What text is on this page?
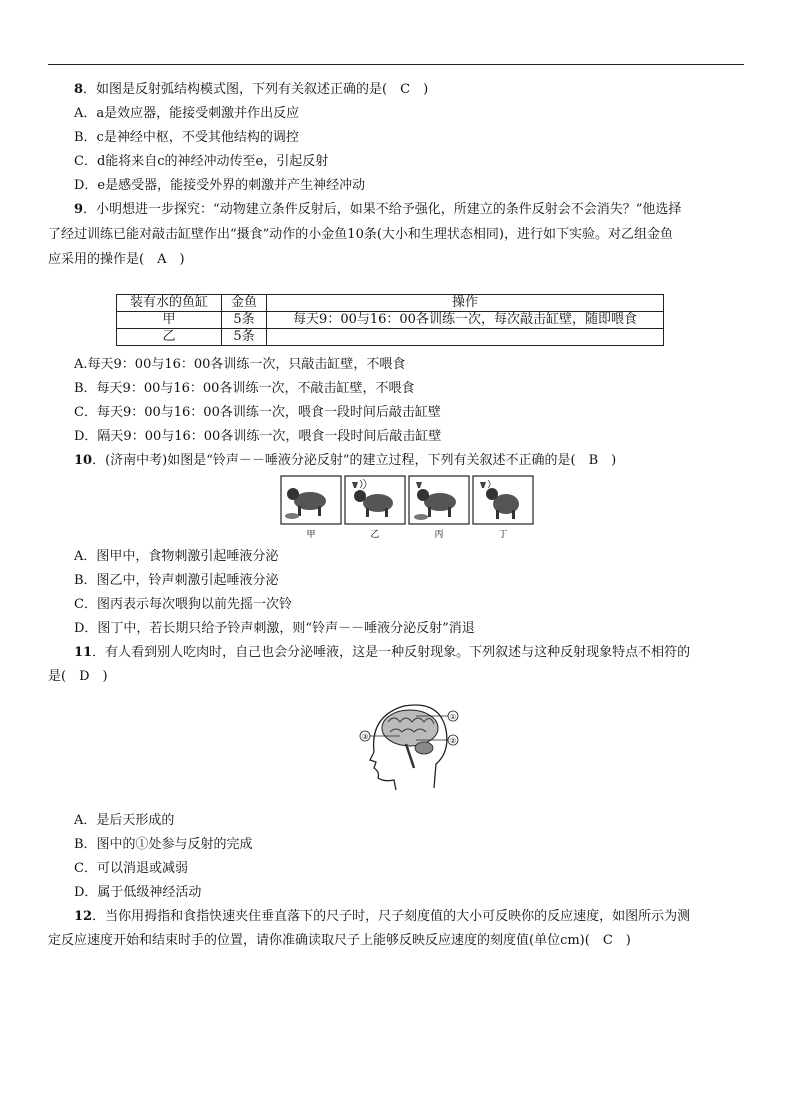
8．如图是反射弧结构模式图，下列有关叙述正确的是(　C　)
A．a是效应器，能接受刺激并作出反应
B．c是神经中枢，不受其他结构的调控
C．d能将来自c的神经冲动传至e，引起反射
D．e是感受器，能接受外界的刺激并产生神经冲动
9．小明想进一步探究：“动物建立条件反射后，如果不给予强化，所建立的条件反射会不会消失？”他选择
了经过训练已能对敲击缸壁作出“摄食”动作的小金鱼10条(大小和生理状态相同)，进行如下实验。对乙组金鱼
应采用的操作是(　A　)
装有水的鱼缸	金鱼	操作
甲	5条	每天9：00与16：00各训练一次，每次敲击缸壁，随即喂食
乙	5条	
A.每天9：00与16：00各训练一次，只敲击缸壁，不喂食
B．每天9：00与16：00各训练一次，不敲击缸壁，不喂食
C．每天9：00与16：00各训练一次，喂食一段时间后敲击缸壁
D．隔天9：00与16：00各训练一次，喂食一段时间后敲击缸壁
10．(济南中考)如图是“铃声－－唾液分泌反射”的建立过程，下列有关叙述不正确的是(　B　)
甲	乙	丙	丁
A．图甲中，食物刺激引起唾液分泌
B．图乙中，铃声刺激引起唾液分泌
C．图丙表示每次喂狗以前先摇一次铃
D．图丁中，若长期只给予铃声刺激，则“铃声－－唾液分泌反射”消退
11．有人看到别人吃肉时，自己也会分泌唾液，这是一种反射现象。下列叙述与这种反射现象特点不相符的
是(　D　)
①
②
③
A．是后天形成的
B．图中的①处参与反射的完成
C．可以消退或减弱
D．属于低级神经活动
12．当你用拇指和食指快速夹住垂直落下的尺子时，尺子刻度值的大小可反映你的反应速度，如图所示为测
定反应速度开始和结束时手的位置，请你准确读取尺子上能够反映反应速度的刻度值(单位cm)(　C　)
